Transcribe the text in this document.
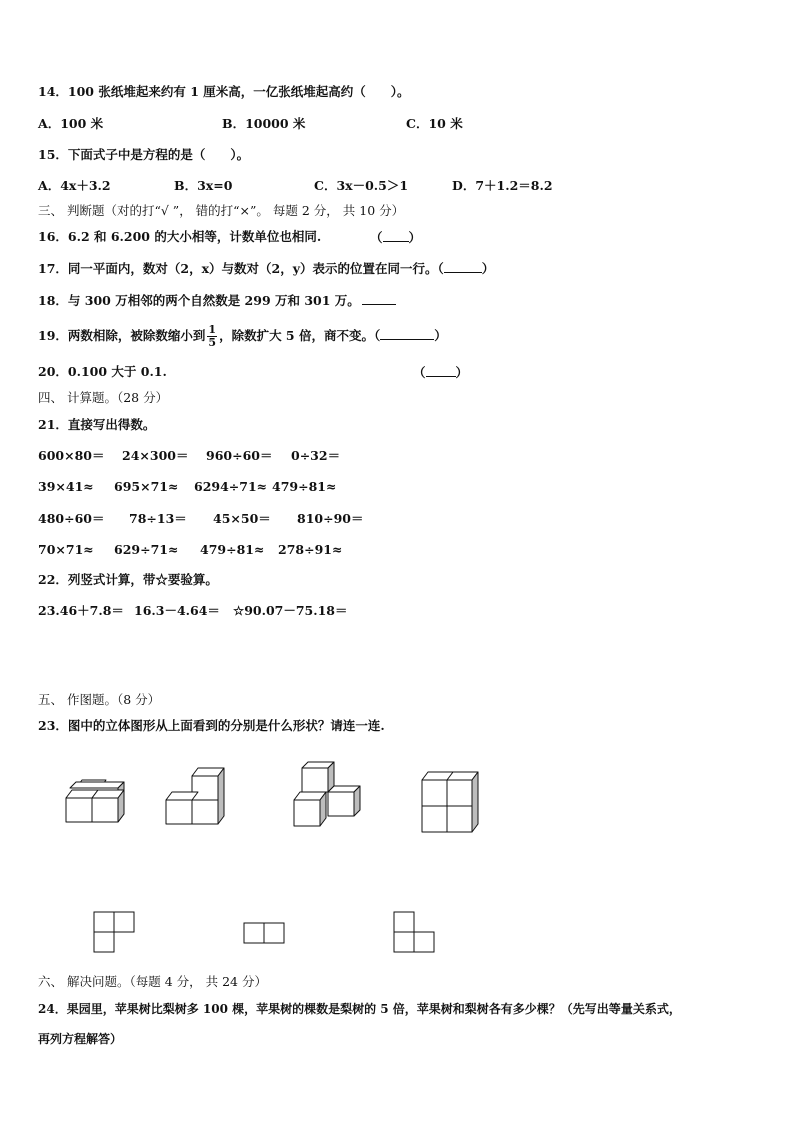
14．100 张纸堆起来约有 1 厘米高，一亿张纸堆起高约（　　）。
A．100 米	B．10000 米	C．10 米
15．下面式子中是方程的是（　　）。
A．4x＋3.2	B．3x=0	C．3x－0.5＞1	D．7＋1.2＝8.2
三、 判断题（对的打“√ ”， 错的打“×”。 每题 2 分， 共 10 分）
16．6.2 和 6.200 的大小相等，计数单位也相同.	（ ）
17．同一平面内，数对（2，x）与数对（2，y）表示的位置在同一行。（	）
18．与 300 万相邻的两个自然数是 299 万和 301 万。
19．两数相除，被除数缩小到 $\frac{1}{5}$ ，除数扩大 5 倍，商不变。（	）
20．0.100 大于 0.1.	（ ）
四、 计算题。（28 分）
21．直接写出得数。
600×80＝ 24×300＝ 960÷60＝ 0÷32＝
39×41≈ 695×71≈ 6294÷71≈ 479÷81≈
480÷60＝ 78÷13＝ 45×50＝ 810÷90＝
70×71≈ 629÷71≈ 479÷81≈ 278÷91≈
22．列竖式计算，带☆要验算。
23.46＋7.8＝ 16.3－4.64＝ ☆90.07－75.18＝
五、 作图题。（8 分）
23．图中的立体图形从上面看到的分别是什么形状？请连一连.
六、 解决问题。（每题 4 分， 共 24 分）
24．果园里，苹果树比梨树多 100 棵，苹果树的棵数是梨树的 5 倍，苹果树和梨树各有多少棵？（先写出等量关系式，
再列方程解答）
